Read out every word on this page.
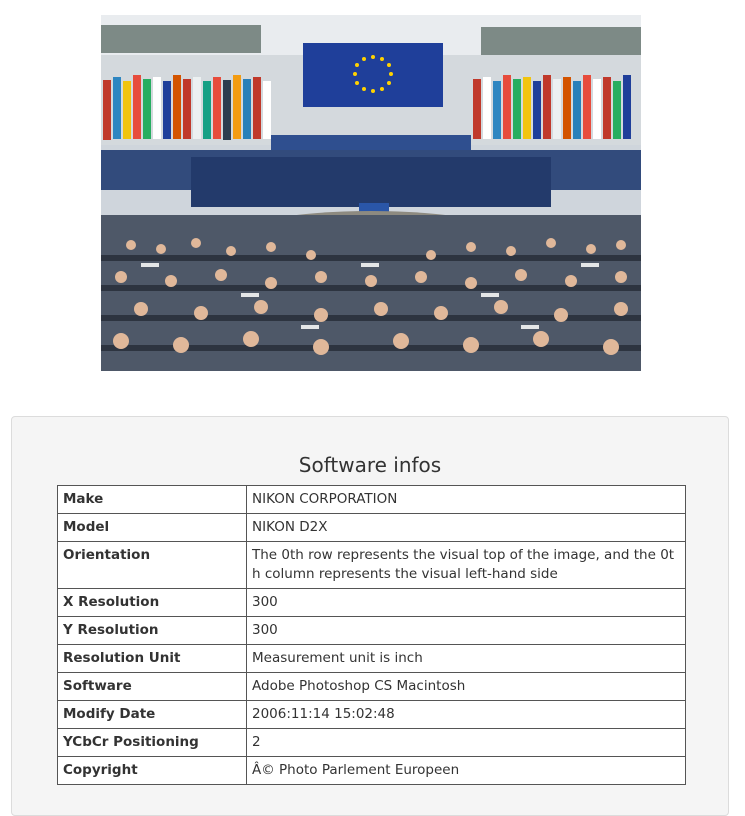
Software infos
Make	NIKON CORPORATION
Model	NIKON D2X
Orientation	The 0th row represents the visual top of the image, and the 0th column represents the visual left-hand side
X Resolution	300
Y Resolution	300
Resolution Unit	Measurement unit is inch
Software	Adobe Photoshop CS Macintosh
Modify Date	2006:11:14 15:02:48
YCbCr Positioning	2
Copyright	Â© Photo Parlement Europeen
